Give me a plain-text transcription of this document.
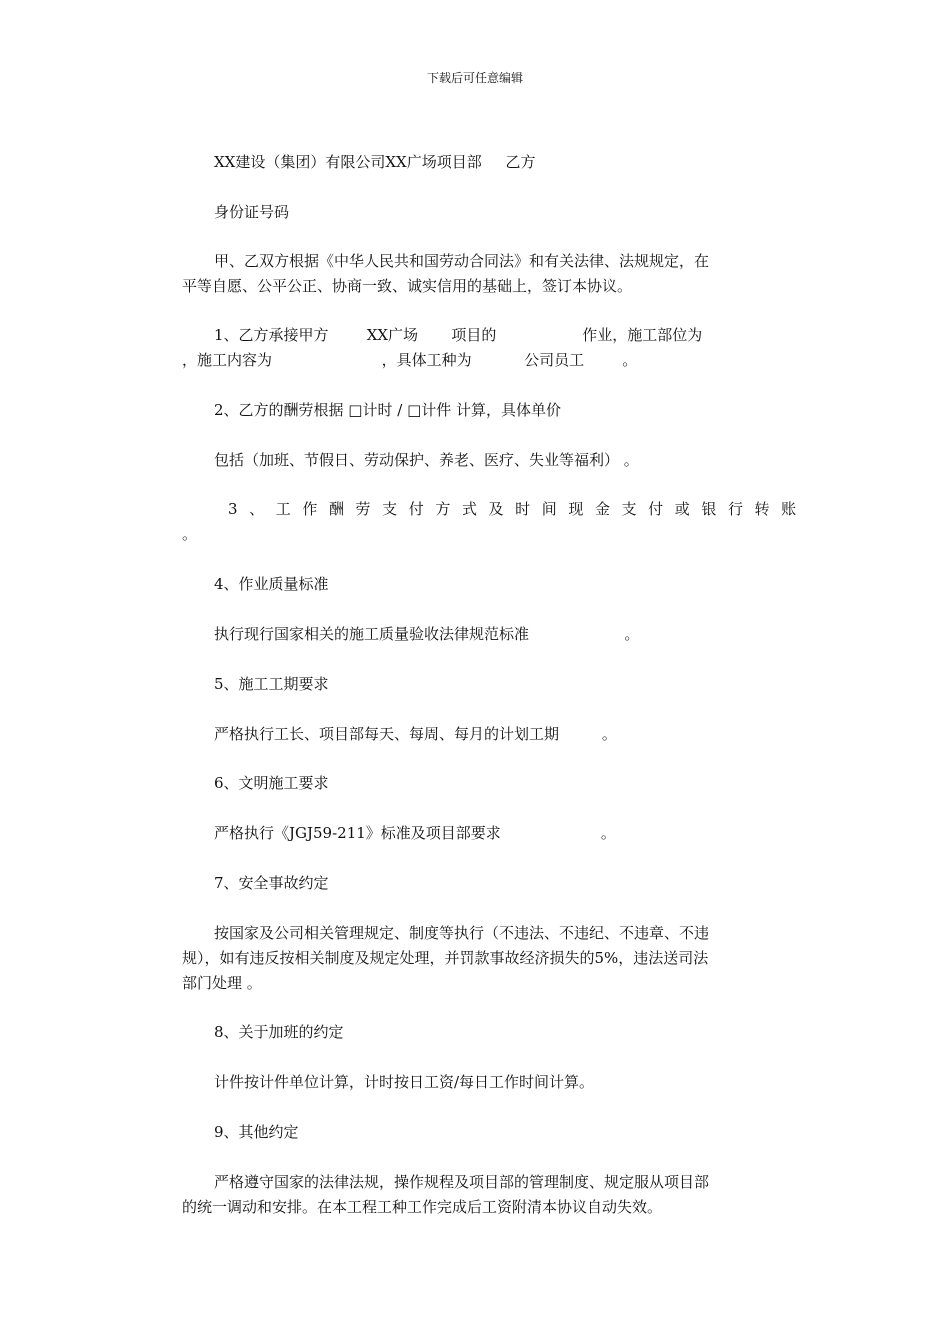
下载后可任意编辑
XX建设（集团）有限公司XX广场项目部     乙方
身份证号码
甲、乙双方根据《中华人民共和国劳动合同法》和有关法律、法规规定，在
平等自愿、公平公正、协商一致、诚实信用的基础上，签订本协议。
1、乙方承接甲方        XX广场       项目的                  作业，施工部位为
，施工内容为                       ，具体工种为           公司员工        。
2、乙方的酬劳根据 □计时 / □计件 计算，具体单价
包括（加班、节假日、劳动保护、养老、医疗、失业等福利） 。
3、工作酬劳支付方式及时间现金支付或银行转账
。
4、作业质量标准
执行现行国家相关的施工质量验收法律规范标准                    。
5、施工工期要求
严格执行工长、项目部每天、每周、每月的计划工期         。
6、文明施工要求
严格执行《JGJ59-211》标准及项目部要求                     。
7、安全事故约定
按国家及公司相关管理规定、制度等执行（不违法、不违纪、不违章、不违
规），如有违反按相关制度及规定处理，并罚款事故经济损失的5%，违法送司法
部门处理 。
8、关于加班的约定
计件按计件单位计算，计时按日工资/每日工作时间计算。
9、其他约定
严格遵守国家的法律法规，操作规程及项目部的管理制度、规定服从项目部
的统一调动和安排。在本工程工种工作完成后工资附清本协议自动失效。
